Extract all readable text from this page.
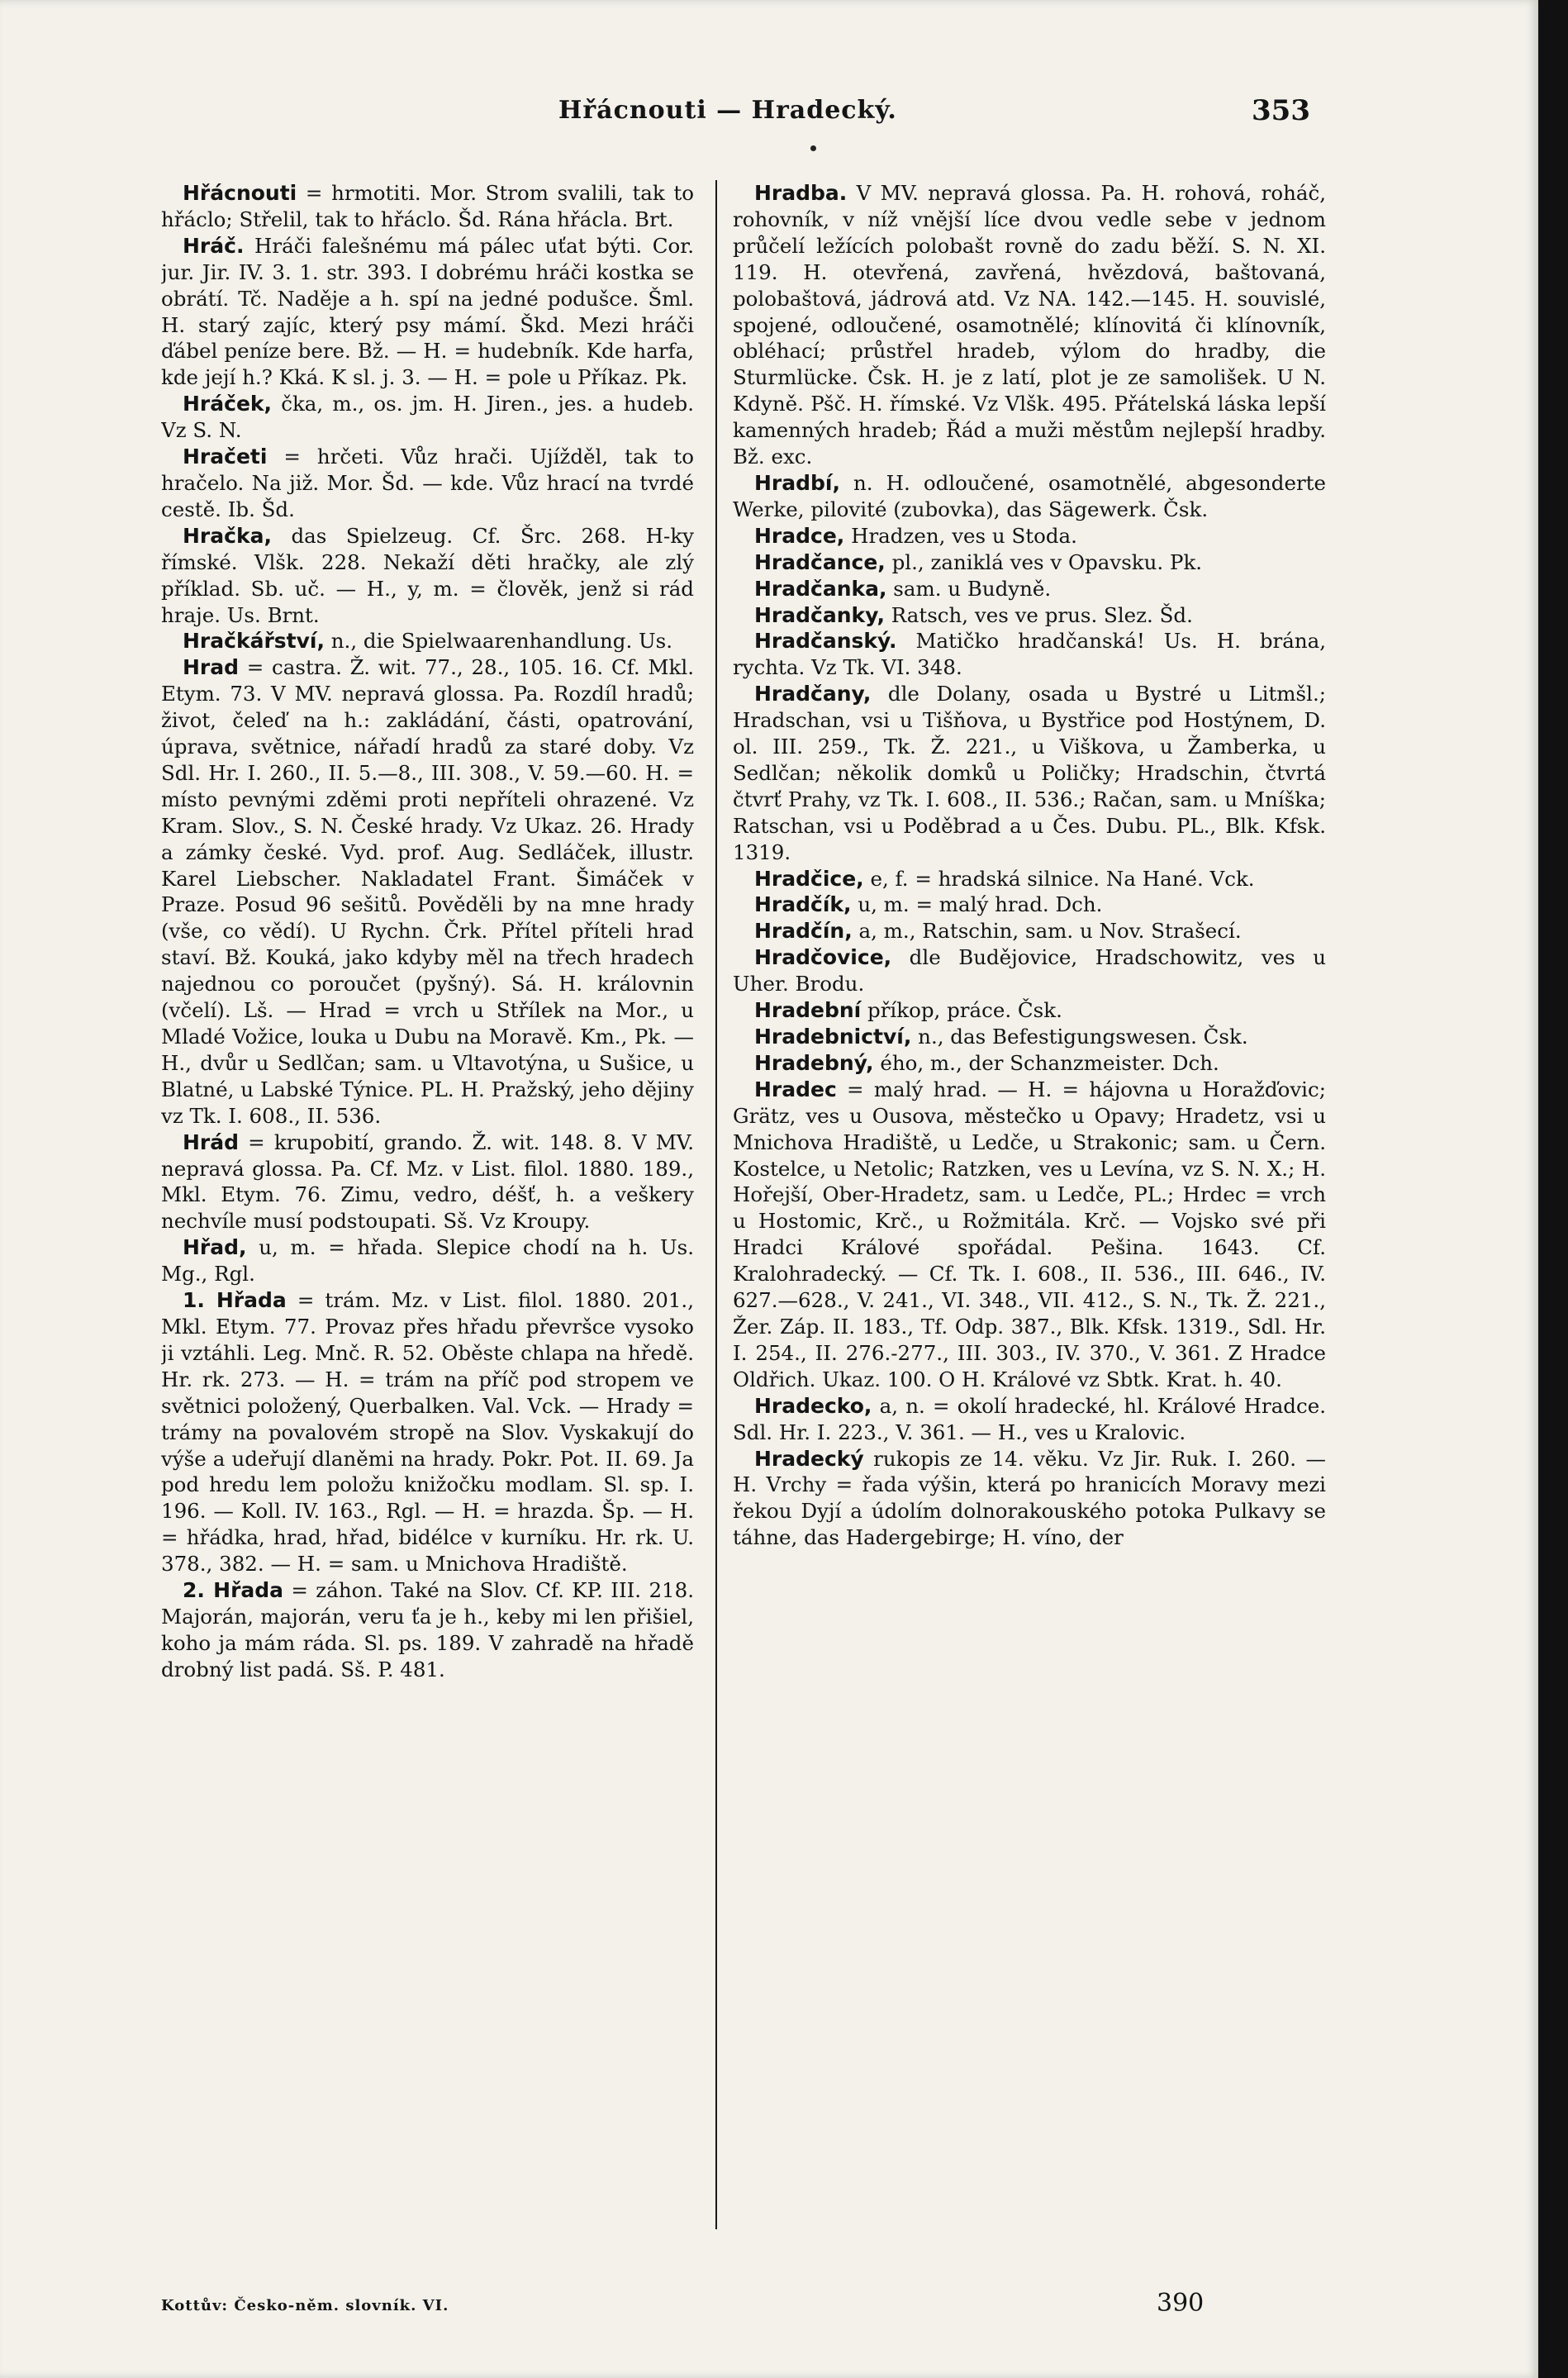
Hřácnouti — Hradecký.	353

Hřácnouti = hrmotiti. Mor. Strom svalili, tak to hřáclo; Střelil, tak to hřáclo. Šd. Rána hřácla. Brt.

Hráč. Hráči falešnému má pálec uťat býti. Cor. jur. Jir. IV. 3. 1. str. 393. I dobrému hráči kostka se obrátí. Tč. Naděje a h. spí na jedné podušce. Šml. H. starý zajíc, který psy mámí. Škd. Mezi hráči ďábel peníze bere. Bž. — H. = hudebník. Kde harfa, kde její h.? Kká. K sl. j. 3. — H. = pole u Příkaz. Pk.

Hráček, čka, m., os. jm. H. Jiren., jes. a hudeb. Vz S. N.

Hračeti = hrčeti. Vůz hrači. Ujížděl, tak to hračelo. Na již. Mor. Šd. — kde. Vůz hrací na tvrdé cestě. Ib. Šd.

Hračka, das Spielzeug. Cf. Šrc. 268. H-ky římské. Vlšk. 228. Nekaží děti hračky, ale zlý příklad. Sb. uč. — H., y, m. = člověk, jenž si rád hraje. Us. Brnt.

Hračkářství, n., die Spielwaarenhandlung. Us.

Hrad = castra. Ž. wit. 77., 28., 105. 16. Cf. Mkl. Etym. 73. V MV. nepravá glossa. Pa. Rozdíl hradů; život, čeleď na h.: zakládání, části, opatrování, úprava, světnice, nářadí hradů za staré doby. Vz Sdl. Hr. I. 260., II. 5.—8., III. 308., V. 59.—60. H. = místo pevnými zděmi proti nepříteli ohrazené. Vz Kram. Slov., S. N. České hrady. Vz Ukaz. 26. Hrady a zámky české. Vyd. prof. Aug. Sedláček, illustr. Karel Liebscher. Nakladatel Frant. Šimáček v Praze. Posud 96 sešitů. Pověděli by na mne hrady (vše, co vědí). U Rychn. Črk. Přítel příteli hrad staví. Bž. Kouká, jako kdyby měl na třech hradech najednou co poroučet (pyšný). Sá. H. královnin (včelí). Lš. — Hrad = vrch u Střílek na Mor., u Mladé Vožice, louka u Dubu na Moravě. Km., Pk. — H., dvůr u Sedlčan; sam. u Vltavotýna, u Sušice, u Blatné, u Labské Týnice. PL. H. Pražský, jeho dějiny vz Tk. I. 608., II. 536.

Hrád = krupobití, grando. Ž. wit. 148. 8. V MV. nepravá glossa. Pa. Cf. Mz. v List. filol. 1880. 189., Mkl. Etym. 76. Zimu, vedro, déšť, h. a veškery nechvíle musí podstoupati. Sš. Vz Kroupy.

Hřad, u, m. = hřada. Slepice chodí na h. Us. Mg., Rgl.

1. Hřada = trám. Mz. v List. filol. 1880. 201., Mkl. Etym. 77. Provaz přes hřadu převršce vysoko ji vztáhli. Leg. Mnč. R. 52. Oběste chlapa na hředě. Hr. rk. 273. — H. = trám na příč pod stropem ve světnici položený, Querbalken. Val. Vck. — Hrady = trámy na povalovém stropě na Slov. Vyskakují do výše a udeřují dlaněmi na hrady. Pokr. Pot. II. 69. Ja pod hredu lem položu knižočku modlam. Sl. sp. I. 196. — Koll. IV. 163., Rgl. — H. = hrazda. Šp. — H. = hřádka, hrad, hřad, bidélce v kurníku. Hr. rk. U. 378., 382. — H. = sam. u Mnichova Hradiště.

2. Hřada = záhon. Také na Slov. Cf. KP. III. 218. Majorán, majorán, veru ťa je h., keby mi len přišiel, koho ja mám ráda. Sl. ps. 189. V zahradě na hřadě drobný list padá. Sš. P. 481.

Hradba. V MV. nepravá glossa. Pa. H. rohová, roháč, rohovník, v níž vnější líce dvou vedle sebe v jednom průčelí ležících polobašt rovně do zadu běží. S. N. XI. 119. H. otevřená, zavřená, hvězdová, baštovaná, polobaštová, jádrová atd. Vz NA. 142.—145. H. souvislé, spojené, odloučené, osamotnělé; klínovitá či klínovník, obléhací; průstřel hradeb, výlom do hradby, die Sturmlücke. Čsk. H. je z latí, plot je ze samolišek. U N. Kdyně. Pšč. H. římské. Vz Vlšk. 495. Přátelská láska lepší kamenných hradeb; Řád a muži městům nejlepší hradby. Bž. exc.

Hradbí, n. H. odloučené, osamotnělé, abgesonderte Werke, pilovité (zubovka), das Sägewerk. Čsk.

Hradce, Hradzen, ves u Stoda.

Hradčance, pl., zaniklá ves v Opavsku. Pk.

Hradčanka, sam. u Budyně.

Hradčanky, Ratsch, ves ve prus. Slez. Šd.

Hradčanský. Matičko hradčanská! Us. H. brána, rychta. Vz Tk. VI. 348.

Hradčany, dle Dolany, osada u Bystré u Litmšl.; Hradschan, vsi u Tišňova, u Bystřice pod Hostýnem, D. ol. III. 259., Tk. Ž. 221., u Viškova, u Žamberka, u Sedlčan; několik domků u Poličky; Hradschin, čtvrtá čtvrť Prahy, vz Tk. I. 608., II. 536.; Račan, sam. u Mníška; Ratschan, vsi u Poděbrad a u Čes. Dubu. PL., Blk. Kfsk. 1319.

Hradčice, e, f. = hradská silnice. Na Hané. Vck.

Hradčík, u, m. = malý hrad. Dch.

Hradčín, a, m., Ratschin, sam. u Nov. Strašecí.

Hradčovice, dle Budějovice, Hradschowitz, ves u Uher. Brodu.

Hradební příkop, práce. Čsk.

Hradebnictví, n., das Befestigungswesen. Čsk.

Hradebný, ého, m., der Schanzmeister. Dch.

Hradec = malý hrad. — H. = hájovna u Horažďovic; Grätz, ves u Ousova, městečko u Opavy; Hradetz, vsi u Mnichova Hradiště, u Ledče, u Strakonic; sam. u Čern. Kostelce, u Netolic; Ratzken, ves u Levína, vz S. N. X.; H. Hořejší, Ober-Hradetz, sam. u Ledče, PL.; Hrdec = vrch u Hostomic, Krč., u Rožmitála. Krč. — Vojsko své při Hradci Králové spořádal. Pešina. 1643. Cf. Kralohradecký. — Cf. Tk. I. 608., II. 536., III. 646., IV. 627.—628., V. 241., VI. 348., VII. 412., S. N., Tk. Ž. 221., Žer. Záp. II. 183., Tf. Odp. 387., Blk. Kfsk. 1319., Sdl. Hr. I. 254., II. 276.-277., III. 303., IV. 370., V. 361. Z Hradce Oldřich. Ukaz. 100. O H. Králové vz Sbtk. Krat. h. 40.

Hradecko, a, n. = okolí hradecké, hl. Králové Hradce. Sdl. Hr. I. 223., V. 361. — H., ves u Kralovic.

Hradecký rukopis ze 14. věku. Vz Jir. Ruk. I. 260. — H. Vrchy = řada výšin, která po hranicích Moravy mezi řekou Dyjí a údolím dolnorakouského potoka Pulkavy se táhne, das Hadergebirge; H. víno, der

Kottův: Česko-něm. slovník. VI.	390
